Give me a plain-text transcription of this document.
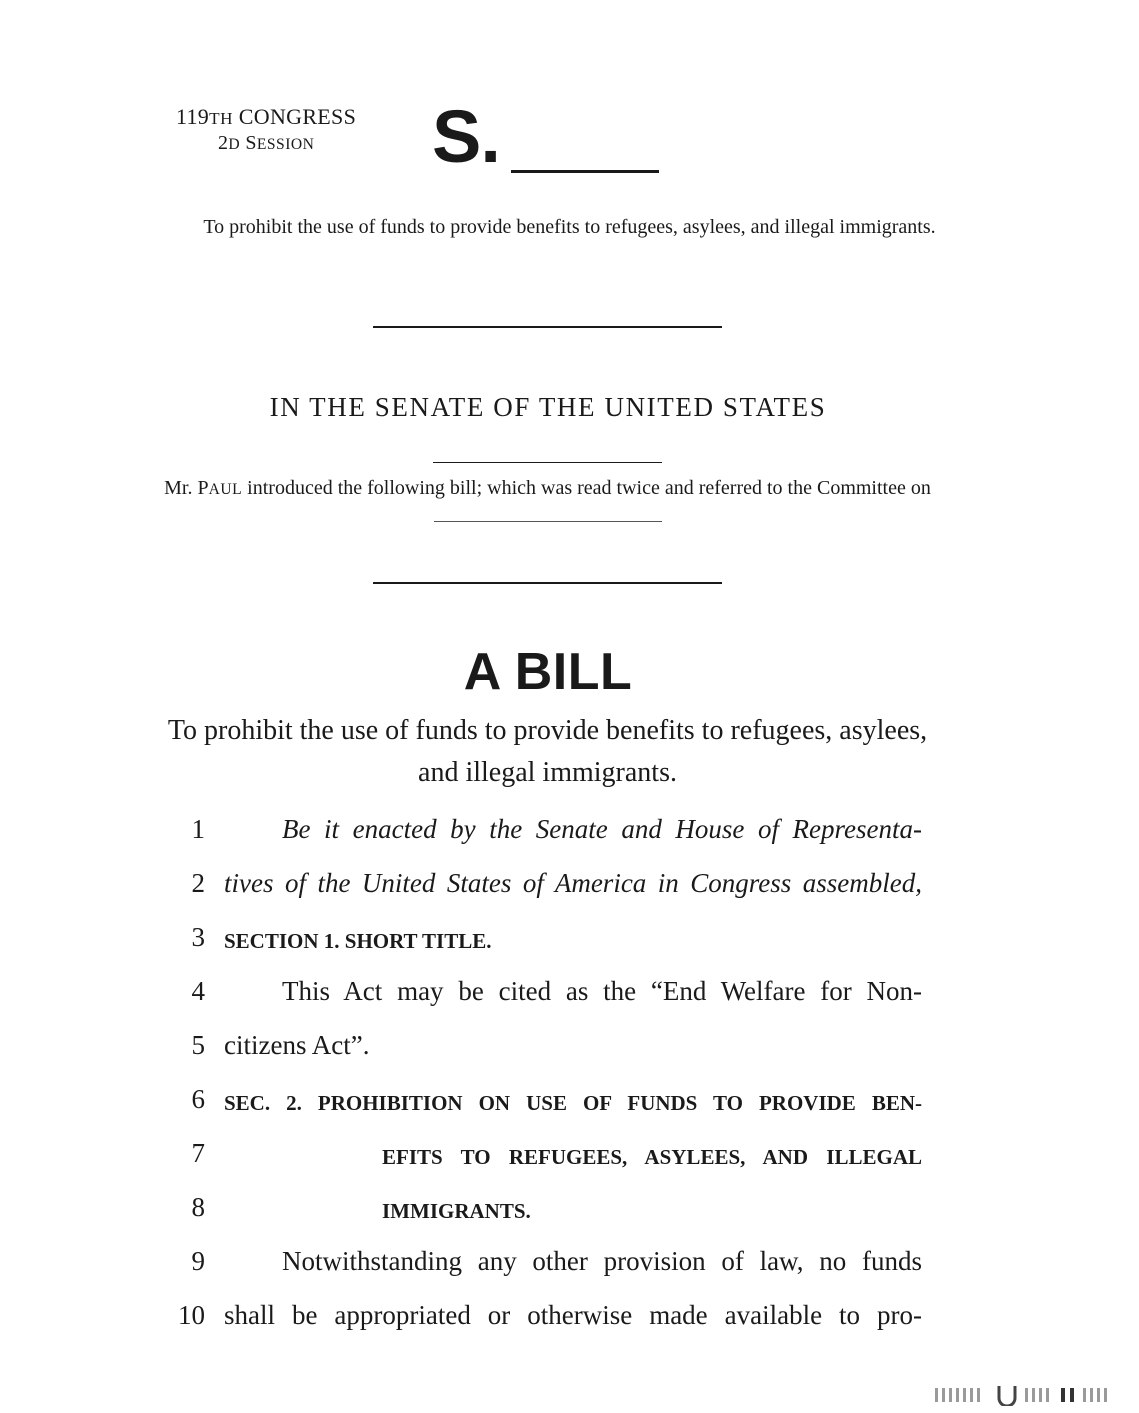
119TH CONGRESS
2D SESSION S.
To prohibit the use of funds to provide benefits to refugees, asylees, and illegal immigrants.
IN THE SENATE OF THE UNITED STATES
Mr. PAUL introduced the following bill; which was read twice and referred to the Committee on
A BILL
To prohibit the use of funds to provide benefits to refugees, asylees, and illegal immigrants.
1	Be it enacted by the Senate and House of Representa-
2 tives of the United States of America in Congress assembled,
3 SECTION 1. SHORT TITLE.
4	This Act may be cited as the “End Welfare for Non-
5 citizens Act”.
6 SEC. 2. PROHIBITION ON USE OF FUNDS TO PROVIDE BEN-
7	EFITS TO REFUGEES, ASYLEES, AND ILLEGAL
8	IMMIGRANTS.
9	Notwithstanding any other provision of law, no funds
10 shall be appropriated or otherwise made available to pro-
